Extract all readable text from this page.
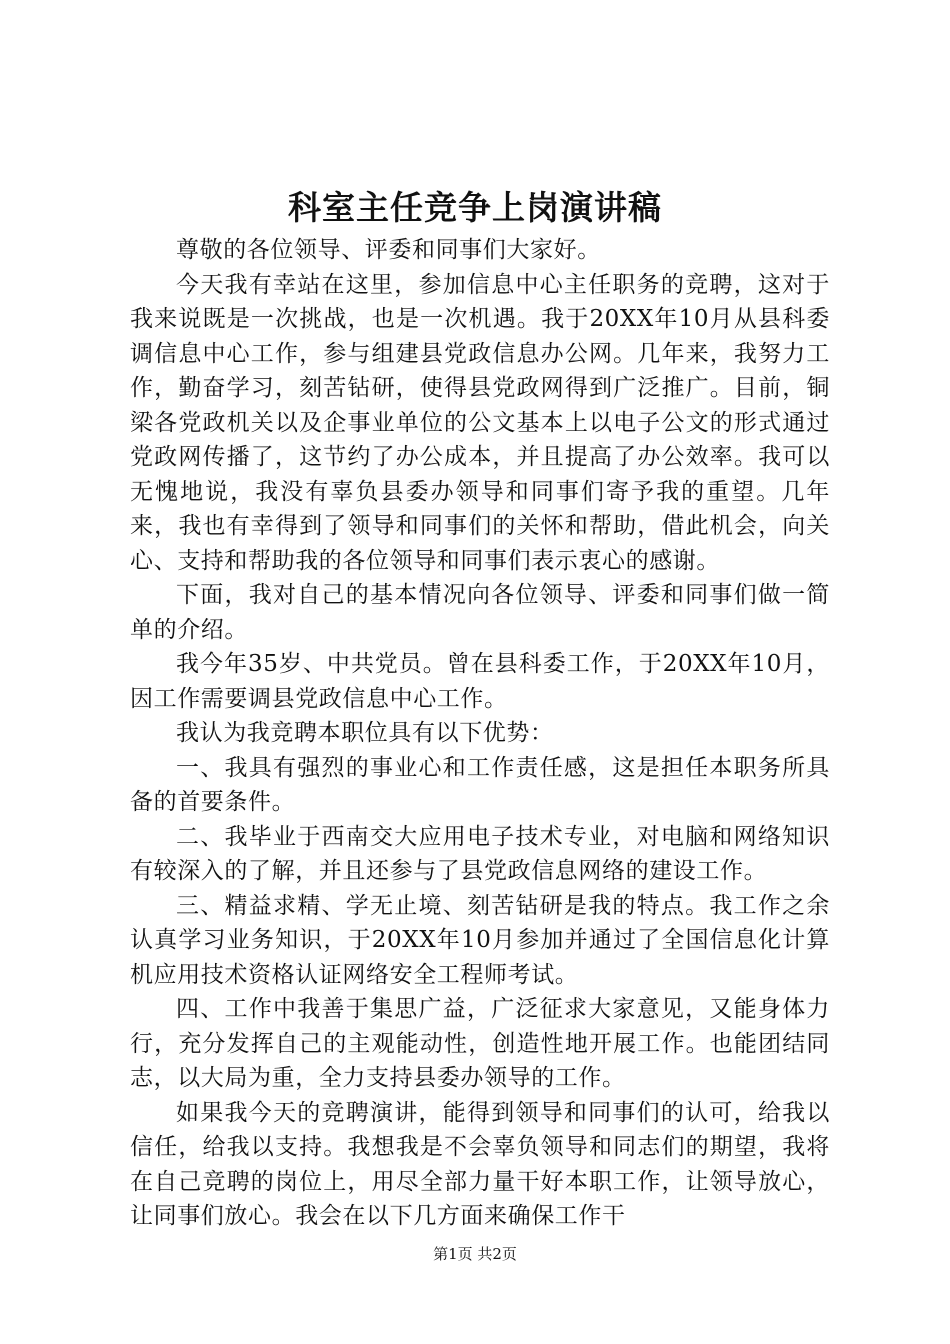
科室主任竞争上岗演讲稿

尊敬的各位领导、评委和同事们大家好。

今天我有幸站在这里，参加信息中心主任职务的竞聘，这对于我来说既是一次挑战，也是一次机遇。我于20XX年10月从县科委调信息中心工作，参与组建县党政信息办公网。几年来，我努力工作，勤奋学习，刻苦钻研，使得县党政网得到广泛推广。目前，铜梁各党政机关以及企事业单位的公文基本上以电子公文的形式通过党政网传播了，这节约了办公成本，并且提高了办公效率。我可以无愧地说，我没有辜负县委办领导和同事们寄予我的重望。几年来，我也有幸得到了领导和同事们的关怀和帮助，借此机会，向关心、支持和帮助我的各位领导和同事们表示衷心的感谢。

下面，我对自己的基本情况向各位领导、评委和同事们做一简单的介绍。

我今年35岁、中共党员。曾在县科委工作，于20XX年10月，因工作需要调县党政信息中心工作。

我认为我竞聘本职位具有以下优势：

一、我具有强烈的事业心和工作责任感，这是担任本职务所具备的首要条件。

二、我毕业于西南交大应用电子技术专业，对电脑和网络知识有较深入的了解，并且还参与了县党政信息网络的建设工作。

三、精益求精、学无止境、刻苦钻研是我的特点。我工作之余认真学习业务知识，于20XX年10月参加并通过了全国信息化计算机应用技术资格认证网络安全工程师考试。

四、工作中我善于集思广益，广泛征求大家意见，又能身体力行，充分发挥自己的主观能动性，创造性地开展工作。也能团结同志，以大局为重，全力支持县委办领导的工作。

如果我今天的竞聘演讲，能得到领导和同事们的认可，给我以信任，给我以支持。我想我是不会辜负领导和同志们的期望，我将在自己竞聘的岗位上，用尽全部力量干好本职工作，让领导放心，让同事们放心。我会在以下几方面来确保工作干

第1页 共2页
